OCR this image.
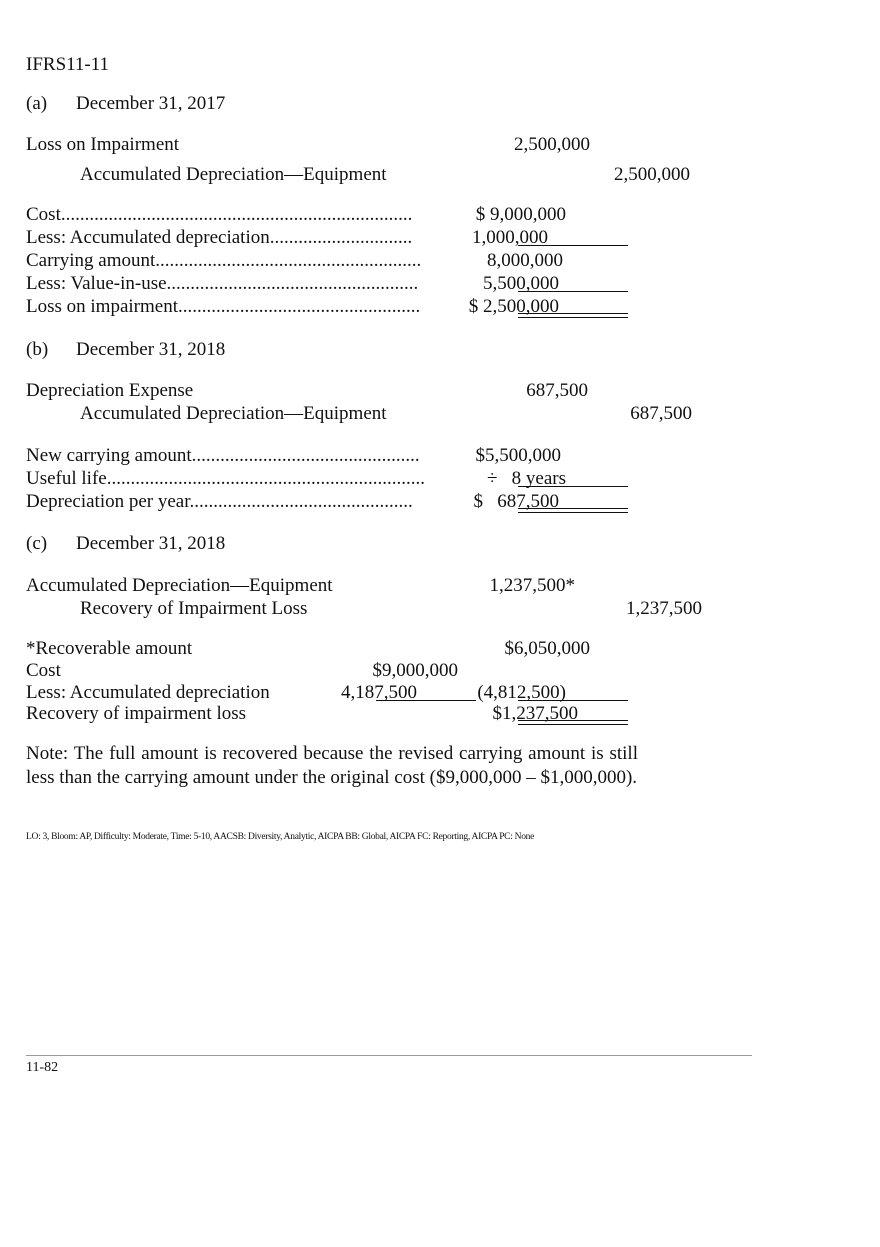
IFRS11-11
(a) December 31, 2017
Loss on Impairment	2,500,000
Accumulated Depreciation—Equipment	2,500,000
Cost..........................................................................	$ 9,000,000
Less: Accumulated depreciation..............................	1,000,000
Carrying amount........................................................	8,000,000
Less: Value-in-use.....................................................	5,500,000
Loss on impairment...................................................	$ 2,500,000
(b) December 31, 2018
Depreciation Expense	687,500
Accumulated Depreciation—Equipment	687,500
New carrying amount................................................	$5,500,000
Useful life...................................................................	÷   8 years
Depreciation per year...............................................	$   687,500
(c) December 31, 2018
Accumulated Depreciation—Equipment	1,237,500*
Recovery of Impairment Loss	1,237,500
*Recoverable amount	$6,050,000
Cost	$9,000,000
Less: Accumulated depreciation	4,187,500	(4,812,500)
Recovery of impairment loss	$1,237,500
Note: The full amount is recovered because the revised carrying amount is still less than the carrying amount under the original cost ($9,000,000 – $1,000,000).
LO: 3, Bloom: AP, Difficulty: Moderate, Time: 5-10, AACSB: Diversity, Analytic, AICPA BB: Global, AICPA FC: Reporting, AICPA PC: None
11-82
